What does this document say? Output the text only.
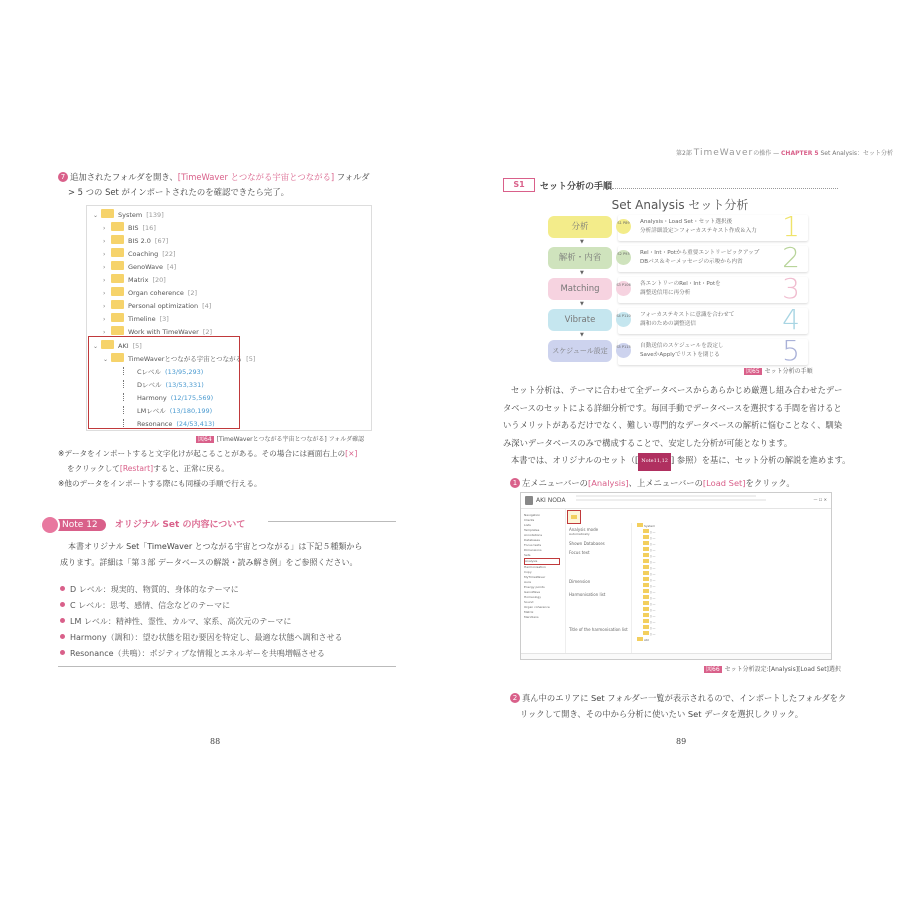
7 追加されたフォルダを開き、[TimeWaver とつながる宇宙とつながる] フォルダ
> 5 つの Set がインポートされたのを確認できたら完了。
⌄	System [139]
›	BIS [16]
›	BIS 2.0 [67]
›	Coaching [22]
›	GenoWave [4]
›	Matrix [20]
›	Organ coherence [2]
›	Personal optimization [4]
›	Timeline [3]
›	Work with TimeWaver [2]
⌄	AKI [5]
⌄	TimeWaverとつながる宇宙とつながる [5]
Cレベル (13/95,293)
Dレベル (13/53,331)
Harmony (12/175,569)
LMレベル (13/180,199)
Resonance (24/53,413)
図64 [TimeWaverとつながる宇宙とつながる] フォルダ確認
※データをインポートすると文字化けが起こることがある。その場合には画面右上の[×]
をクリックして[Restart]すると、正常に戻る。
※他のデータをインポートする際にも同様の手順で行える。
Note 12 オリジナル Set の内容について
本書オリジナル Set「TimeWaver とつながる宇宙とつながる」は下記５種類から
成ります。詳細は「第３部 データベースの解説・読み解き例」をご参照ください。
D レベル：現実的、物質的、身体的なテーマに
C レベル：思考、感情、信念などのテーマに
LM レベル：精神性、霊性、カルマ、家系、高次元のテーマに
Harmony（調和）：望む状態を阻む要因を特定し、最適な状態へ調和させる
Resonance（共鳴）：ポジティブな情報とエネルギーを共鳴増幅させる
88
第2部 TimeWaverの操作 — CHAPTER 5 Set Analysis：セット分析
S1	セット分析の手順
Set Analysis セット分析
分析	S1 P89 Analysis・Load Set・セット選択後
分析詳細設定＞フォーカステキスト作成＆入力 1
▼
解析・内省	S2 P93 Rel・Int・Potから重要エントリーピックアップ
DBパス＆キーメッセージの示唆から内省	2
▼
Matching	S3 P106 各エントリーのRel・Int・Potを
調整送信用に再分析	3
▼
Vibrate	S4 P110 フォーカステキストに意識を合わせて
調和のための調整送信	4
▼
スケジュール設定	S5 P115 自動送信のスケジュールを設定し
SaveかApplyでリストを閉じる 5
図65 セット分析の手順
セット分析は、テーマに合わせて全データベースからあらかじめ厳選し組み合わせたデー
タベースのセットによる詳細分析です。毎回手動でデータベースを選択する手間を省けると
いうメリットがあるだけでなく、難しい専門的なデータベースの解析に悩むことなく、馴染
み深いデータベースのみで構成することで、安定した分析が可能となります。
本書では、オリジナルのセット（[ Note11,12 ] 参照）を基に、セット分析の解説を進めます。
1 左メニューバーの[Analysis]、上メニューバーの[Load Set]をクリック。
AKI NODA	— ☐ ✕
Navigation
Clients
Lists
Templates
Annotations
Databases
Focus texts
Dimensions
Sets
Analysis
Harmonisation
Copy
MyTimeWaver
Aura
Energy points
GenoWave
Homeology
Sound
Organ coherence
Matrix
Meridians
Analysis mode
Automatically
Shown Databases
Focus text
Dimension
Harmonisation list
Title of the harmonisation list
System
▯ —
▯ —
▯ —
▯ —
▯ —
▯ —
▯ —
▯ —
▯ —
▯ —
▯ —
▯ —
▯ —
▯ —
▯ —
▯ —
▯ —
▯ —
AKI
図66 セット分析設定:[Analysis][Load Set]選択
2 真ん中のエリアに Set フォルダー一覧が表示されるので、インポートしたフォルダをク
リックして開き、その中から分析に使いたい Set データを選択しクリック。
89
